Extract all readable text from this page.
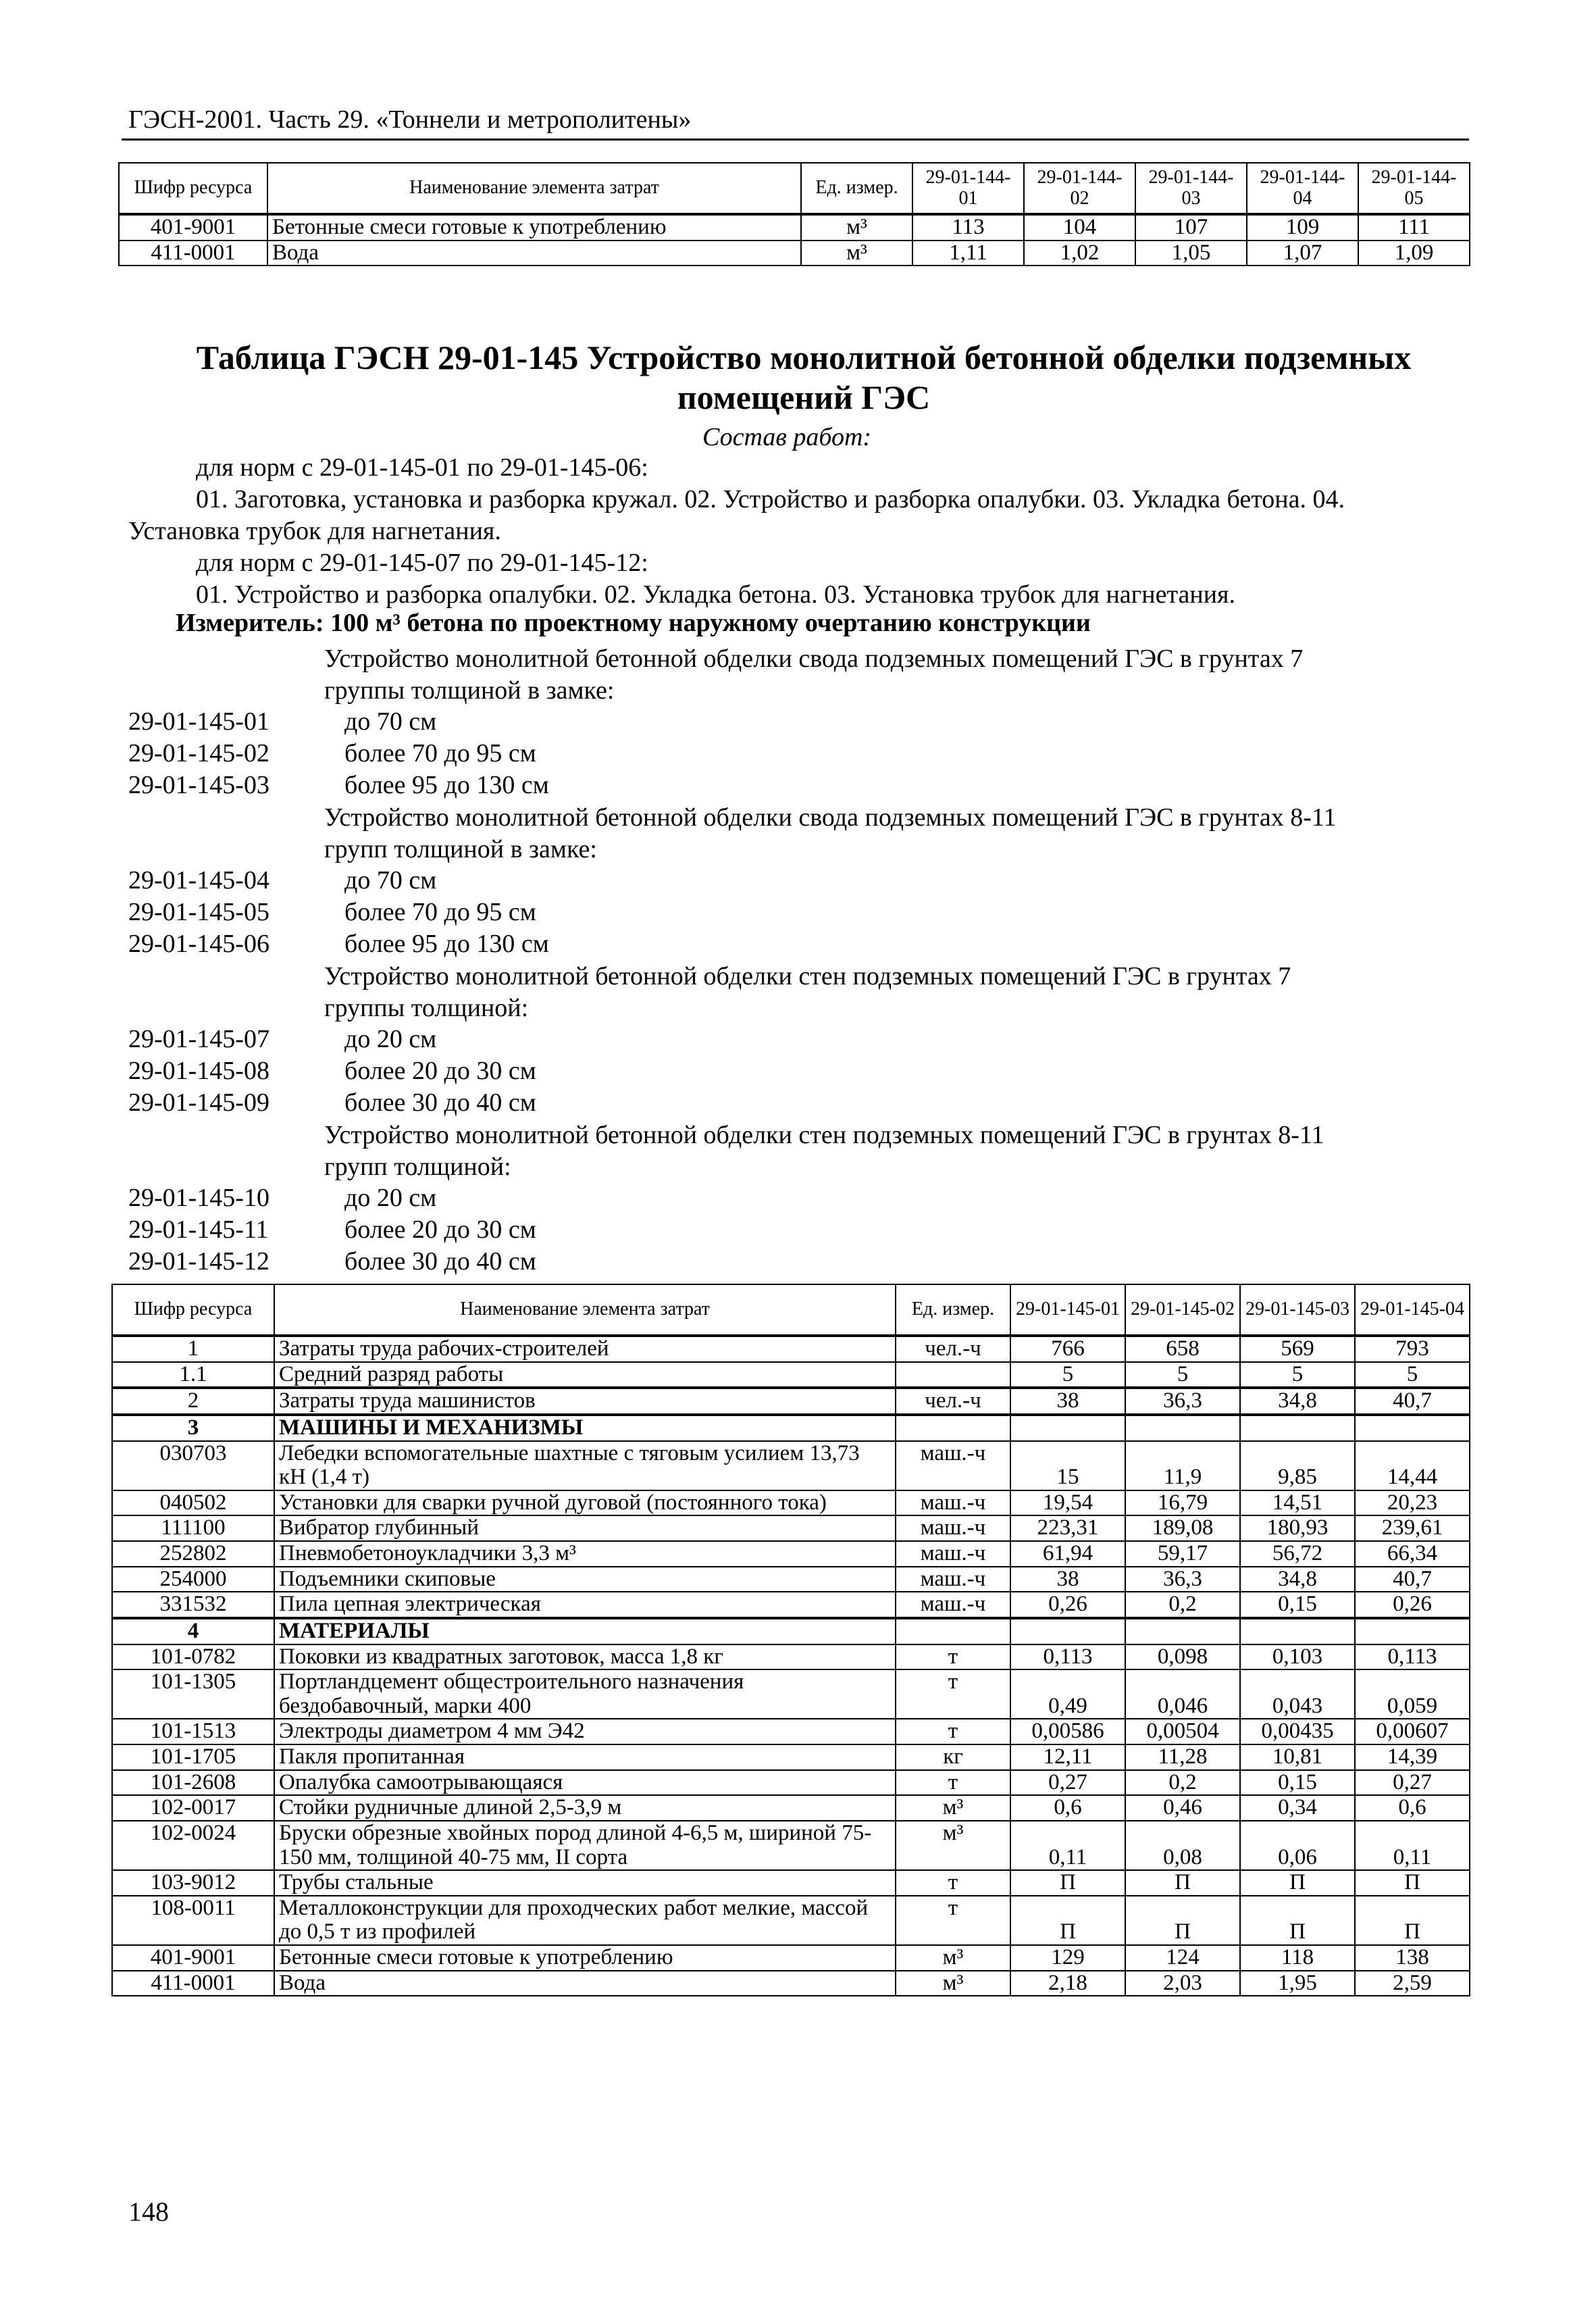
ГЭСН-2001. Часть 29. «Тоннели и метрополитены»
Шифр ресурса	Наименование элемента затрат	Ед. измер.	29-01-144-01	29-01-144-02	29-01-144-03	29-01-144-04	29-01-144-05
401-9001	Бетонные смеси готовые к употреблению	м³	113	104	107	109	111
411-0001	Вода	м³	1,11	1,02	1,05	1,07	1,09
Таблица ГЭСН 29-01-145 Устройство монолитной бетонной обделки подземных
помещений ГЭС
Состав работ:
для норм с 29-01-145-01 по 29-01-145-06:
01. Заготовка, установка и разборка кружал. 02. Устройство и разборка опалубки. 03. Укладка бетона. 04.
Установка трубок для нагнетания.
для норм с 29-01-145-07 по 29-01-145-12:
01. Устройство и разборка опалубки. 02. Укладка бетона. 03. Установка трубок для нагнетания.
Измеритель: 100 м³ бетона по проектному наружному очертанию конструкции
Устройство монолитной бетонной обделки свода подземных помещений ГЭС в грунтах 7
группы толщиной в замке:
29-01-145-01	до 70 см
29-01-145-02	более 70 до 95 см
29-01-145-03	более 95 до 130 см
Устройство монолитной бетонной обделки свода подземных помещений ГЭС в грунтах 8-11
групп толщиной в замке:
29-01-145-04	до 70 см
29-01-145-05	более 70 до 95 см
29-01-145-06	более 95 до 130 см
Устройство монолитной бетонной обделки стен подземных помещений ГЭС в грунтах 7
группы толщиной:
29-01-145-07	до 20 см
29-01-145-08	более 20 до 30 см
29-01-145-09	более 30 до 40 см
Устройство монолитной бетонной обделки стен подземных помещений ГЭС в грунтах 8-11
групп толщиной:
29-01-145-10	до 20 см
29-01-145-11	более 20 до 30 см
29-01-145-12	более 30 до 40 см
Шифр ресурса	Наименование элемента затрат	Ед. измер.	29-01-145-01	29-01-145-02	29-01-145-03	29-01-145-04
1	Затраты труда рабочих-строителей	чел.-ч	766	658	569	793
1.1	Средний разряд работы		5	5	5	5
2	Затраты труда машинистов	чел.-ч	38	36,3	34,8	40,7
3	МАШИНЫ И МЕХАНИЗМЫ					
030703	Лебедки вспомогательные шахтные с тяговым усилием 13,73 кН (1,4 т)	маш.-ч	15	11,9	9,85	14,44
040502	Установки для сварки ручной дуговой (постоянного тока)	маш.-ч	19,54	16,79	14,51	20,23
111100	Вибратор глубинный	маш.-ч	223,31	189,08	180,93	239,61
252802	Пневмобетоноукладчики 3,3 м³	маш.-ч	61,94	59,17	56,72	66,34
254000	Подъемники скиповые	маш.-ч	38	36,3	34,8	40,7
331532	Пила цепная электрическая	маш.-ч	0,26	0,2	0,15	0,26
4	МАТЕРИАЛЫ					
101-0782	Поковки из квадратных заготовок, масса 1,8 кг	т	0,113	0,098	0,103	0,113
101-1305	Портландцемент общестроительного назначения бездобавочный, марки 400	т	0,49	0,046	0,043	0,059
101-1513	Электроды диаметром 4 мм Э42	т	0,00586	0,00504	0,00435	0,00607
101-1705	Пакля пропитанная	кг	12,11	11,28	10,81	14,39
101-2608	Опалубка самоотрывающаяся	т	0,27	0,2	0,15	0,27
102-0017	Стойки рудничные длиной 2,5-3,9 м	м³	0,6	0,46	0,34	0,6
102-0024	Бруски обрезные хвойных пород длиной 4-6,5 м, шириной 75-150 мм, толщиной 40-75 мм, II сорта	м³	0,11	0,08	0,06	0,11
103-9012	Трубы стальные	т	П	П	П	П
108-0011	Металлоконструкции для проходческих работ мелкие, массой до 0,5 т из профилей	т	П	П	П	П
401-9001	Бетонные смеси готовые к употреблению	м³	129	124	118	138
411-0001	Вода	м³	2,18	2,03	1,95	2,59
148
